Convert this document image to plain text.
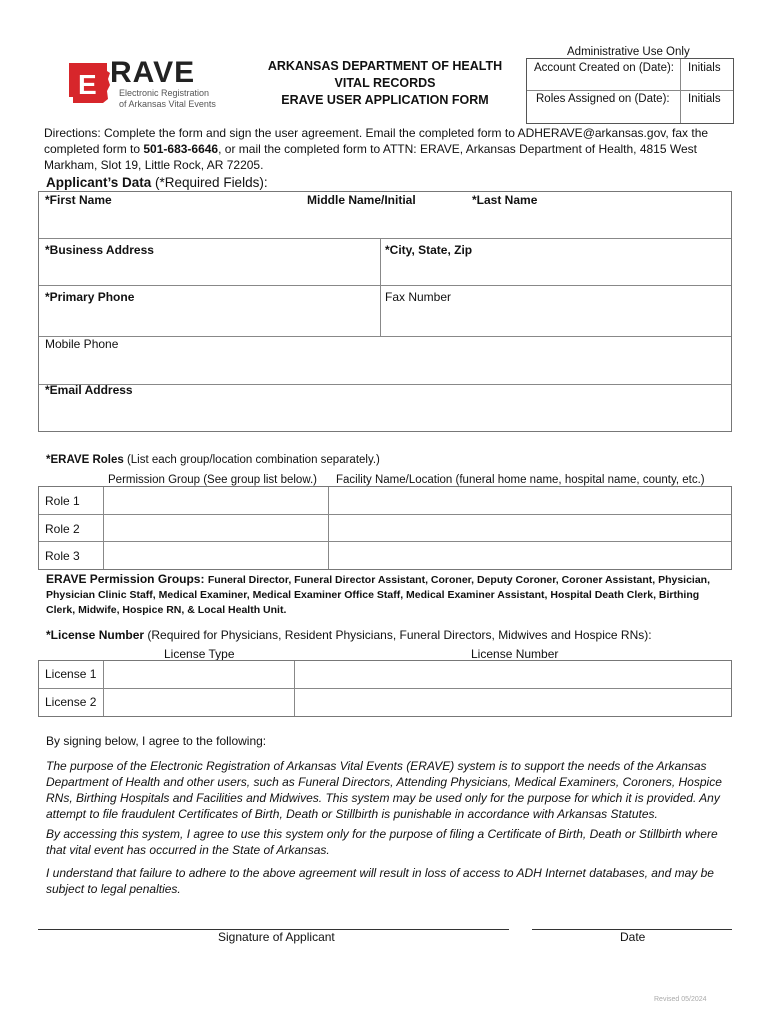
E RAVE
Electronic Registration
of Arkansas Vital Events
ARKANSAS DEPARTMENT OF HEALTH
VITAL RECORDS
ERAVE USER APPLICATION FORM
Administrative Use Only
Account Created on (Date): Initials
Roles Assigned on (Date): Initials
Directions: Complete the form and sign the user agreement. Email the completed form to ADHERAVE@arkansas.gov, fax the completed form to 501-683-6646, or mail the completed form to ATTN: ERAVE, Arkansas Department of Health, 4815 West Markham, Slot 19, Little Rock, AR 72205.
Applicant’s Data (*Required Fields):
*First Name	Middle Name/Initial	*Last Name
*Business Address	*City, State, Zip
*Primary Phone	Fax Number
Mobile Phone
*Email Address
*ERAVE Roles (List each group/location combination separately.)
Permission Group (See group list below.) Facility Name/Location (funeral home name, hospital name, county, etc.)
Role 1
Role 2
Role 3
ERAVE Permission Groups: Funeral Director, Funeral Director Assistant, Coroner, Deputy Coroner, Coroner Assistant, Physician, Physician Clinic Staff, Medical Examiner, Medical Examiner Office Staff, Medical Examiner Assistant, Hospital Death Clerk, Birthing Clerk, Midwife, Hospice RN, & Local Health Unit.
*License Number (Required for Physicians, Resident Physicians, Funeral Directors, Midwives and Hospice RNs):
License Type	License Number
License 1
License 2
By signing below, I agree to the following:
The purpose of the Electronic Registration of Arkansas Vital Events (ERAVE) system is to support the needs of the Arkansas Department of Health and other users, such as Funeral Directors, Attending Physicians, Medical Examiners, Coroners, Hospice RNs, Birthing Hospitals and Facilities and Midwives. This system may be used only for the purpose for which it is provided. Any attempt to file fraudulent Certificates of Birth, Death or Stillbirth is punishable in accordance with Arkansas Statutes.
By accessing this system, I agree to use this system only for the purpose of filing a Certificate of Birth, Death or Stillbirth where that vital event has occurred in the State of Arkansas.
I understand that failure to adhere to the above agreement will result in loss of access to ADH Internet databases, and may be subject to legal penalties.
Signature of Applicant	Date
Revised 05/2024
